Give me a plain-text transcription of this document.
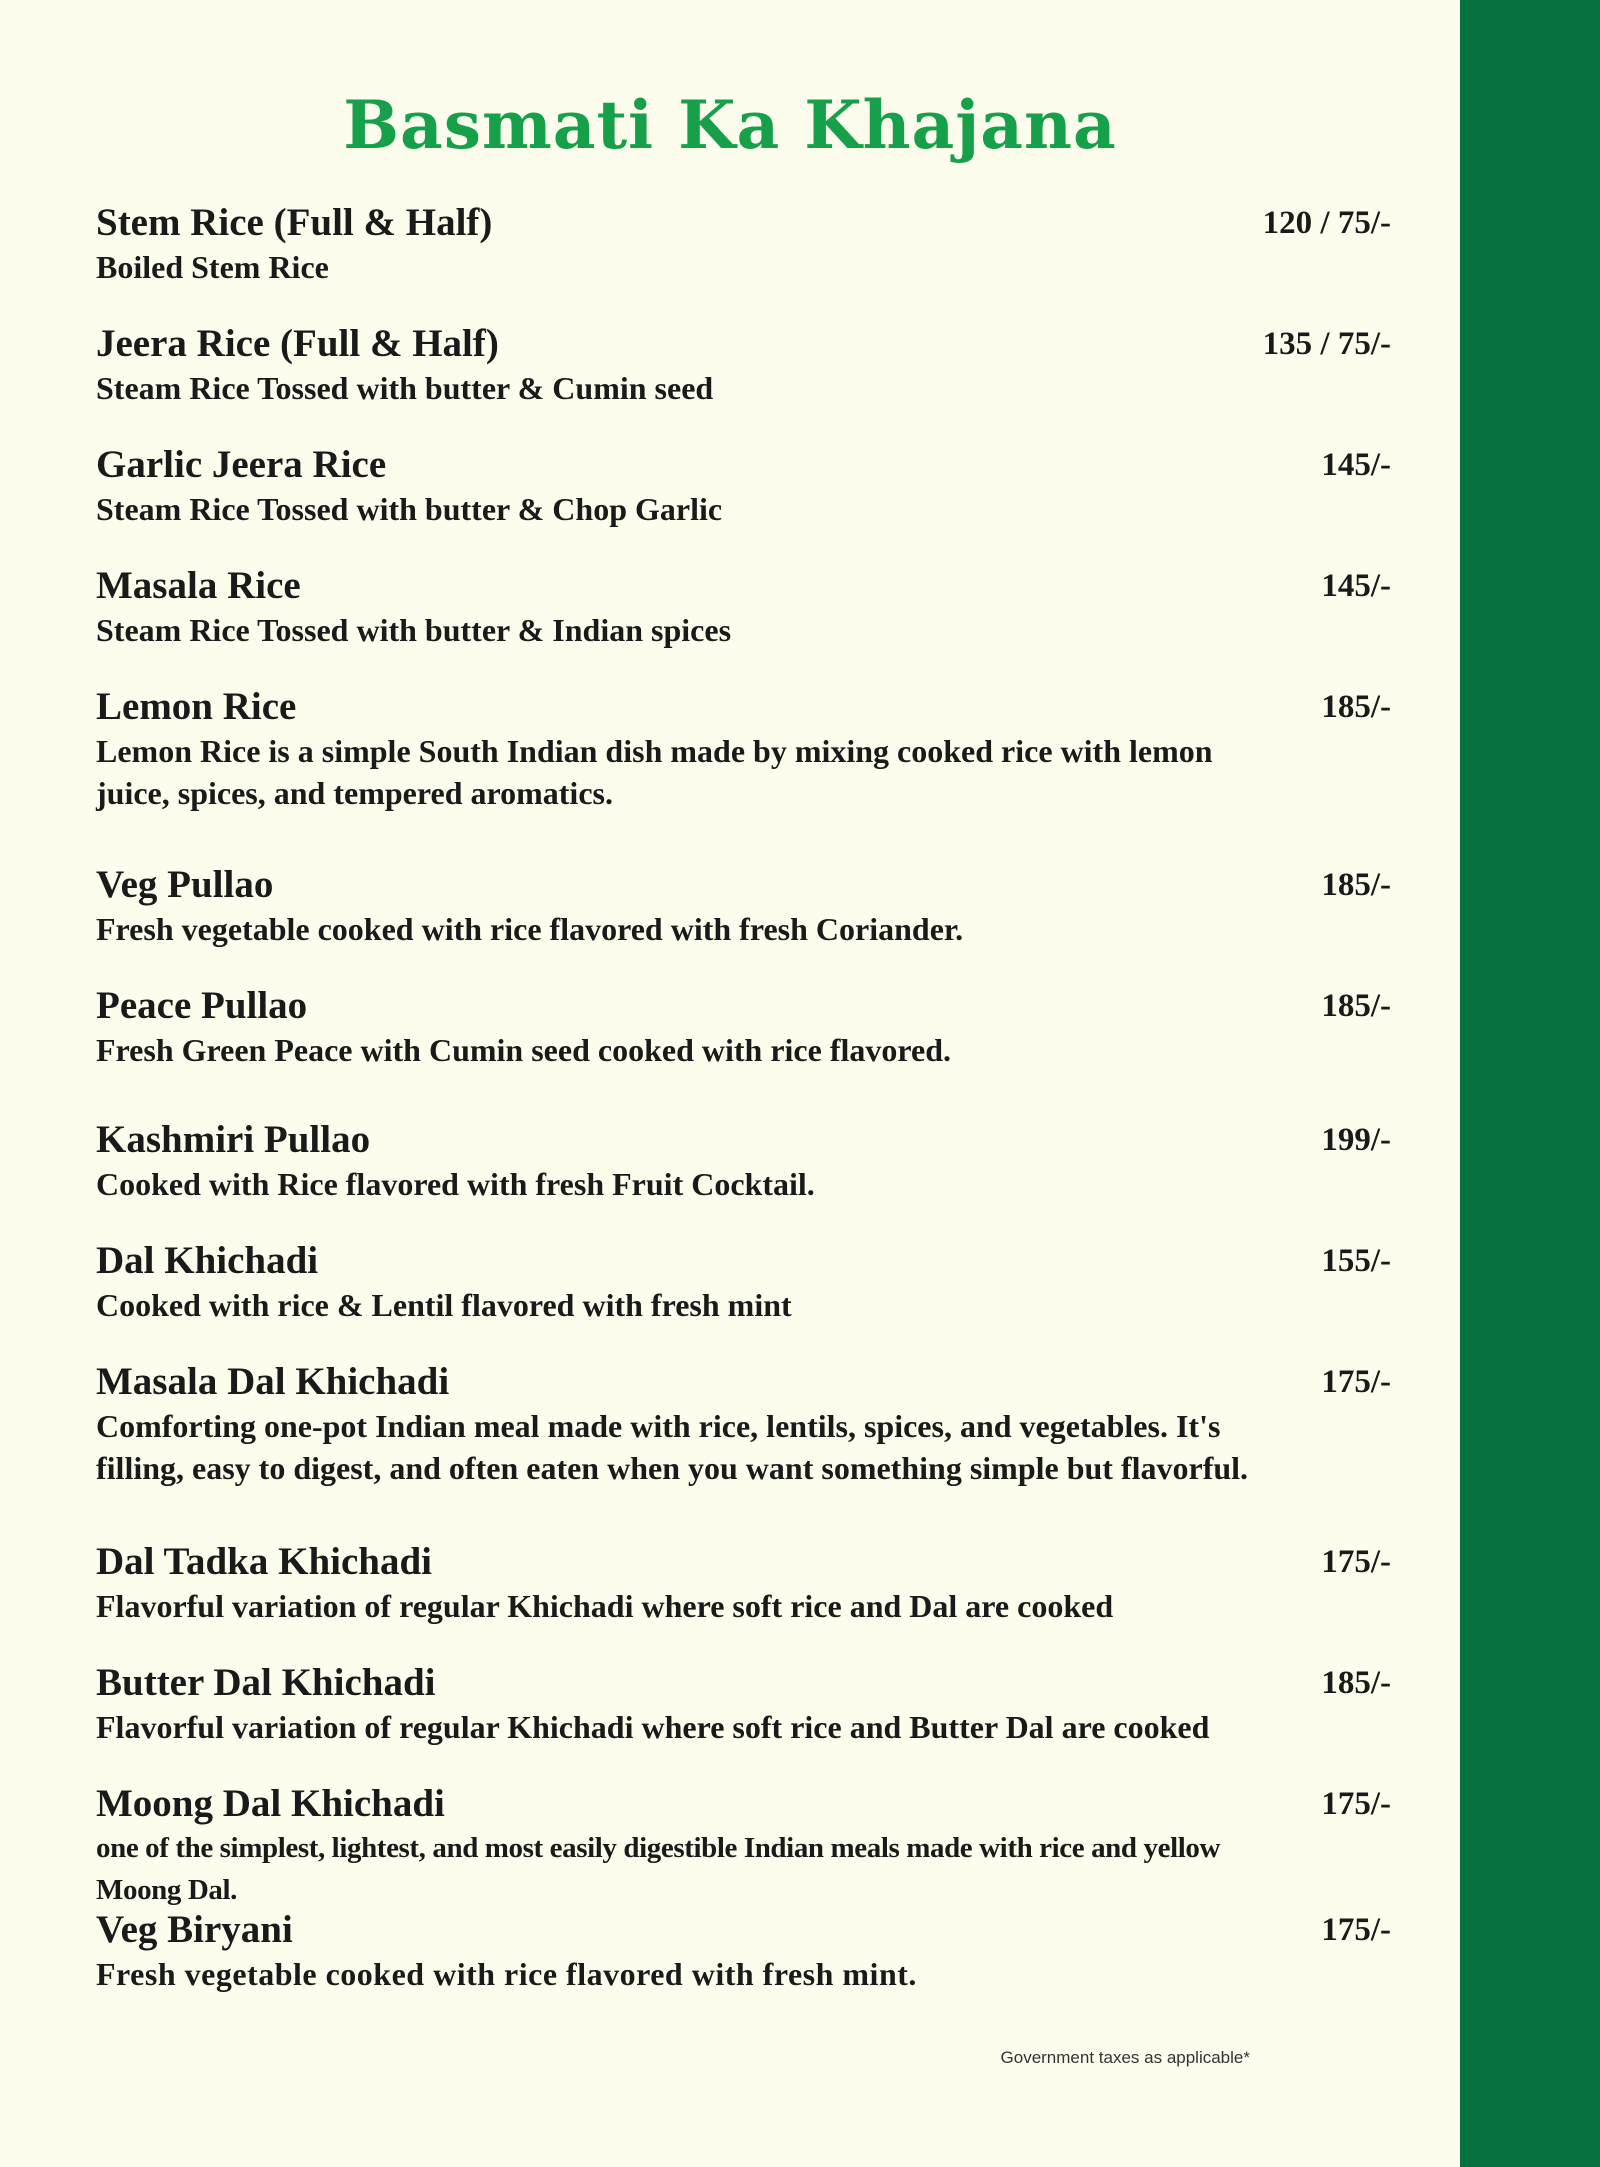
Basmati Ka Khajana
Stem Rice (Full & Half)	120 / 75/-
Boiled Stem Rice
Jeera Rice (Full & Half)	135 / 75/-
Steam Rice Tossed with butter & Cumin seed
Garlic Jeera Rice	145/-
Steam Rice Tossed with butter & Chop Garlic
Masala Rice	145/-
Steam Rice Tossed with butter & Indian spices
Lemon Rice	185/-
Lemon Rice is a simple South Indian dish made by mixing cooked rice with lemon juice, spices, and tempered aromatics.
Veg Pullao	185/-
Fresh vegetable cooked with rice flavored with fresh Coriander.
Peace Pullao	185/-
Fresh Green Peace with Cumin seed cooked with rice flavored.
Kashmiri Pullao	199/-
Cooked with Rice flavored with fresh Fruit Cocktail.
Dal Khichadi	155/-
Cooked with rice & Lentil flavored with fresh mint
Masala Dal Khichadi	175/-
Comforting one-pot Indian meal made with rice, lentils, spices, and vegetables. It's filling, easy to digest, and often eaten when you want something simple but flavorful.
Dal Tadka Khichadi	175/-
Flavorful variation of regular Khichadi where soft rice and Dal are cooked
Butter Dal Khichadi	185/-
Flavorful variation of regular Khichadi where soft rice and Butter Dal are cooked
Moong Dal Khichadi	175/-
one of the simplest, lightest, and most easily digestible Indian meals made with rice and yellow Moong Dal.
Veg Biryani	175/-
Fresh vegetable cooked with rice flavored with fresh mint.
Government taxes as applicable*
